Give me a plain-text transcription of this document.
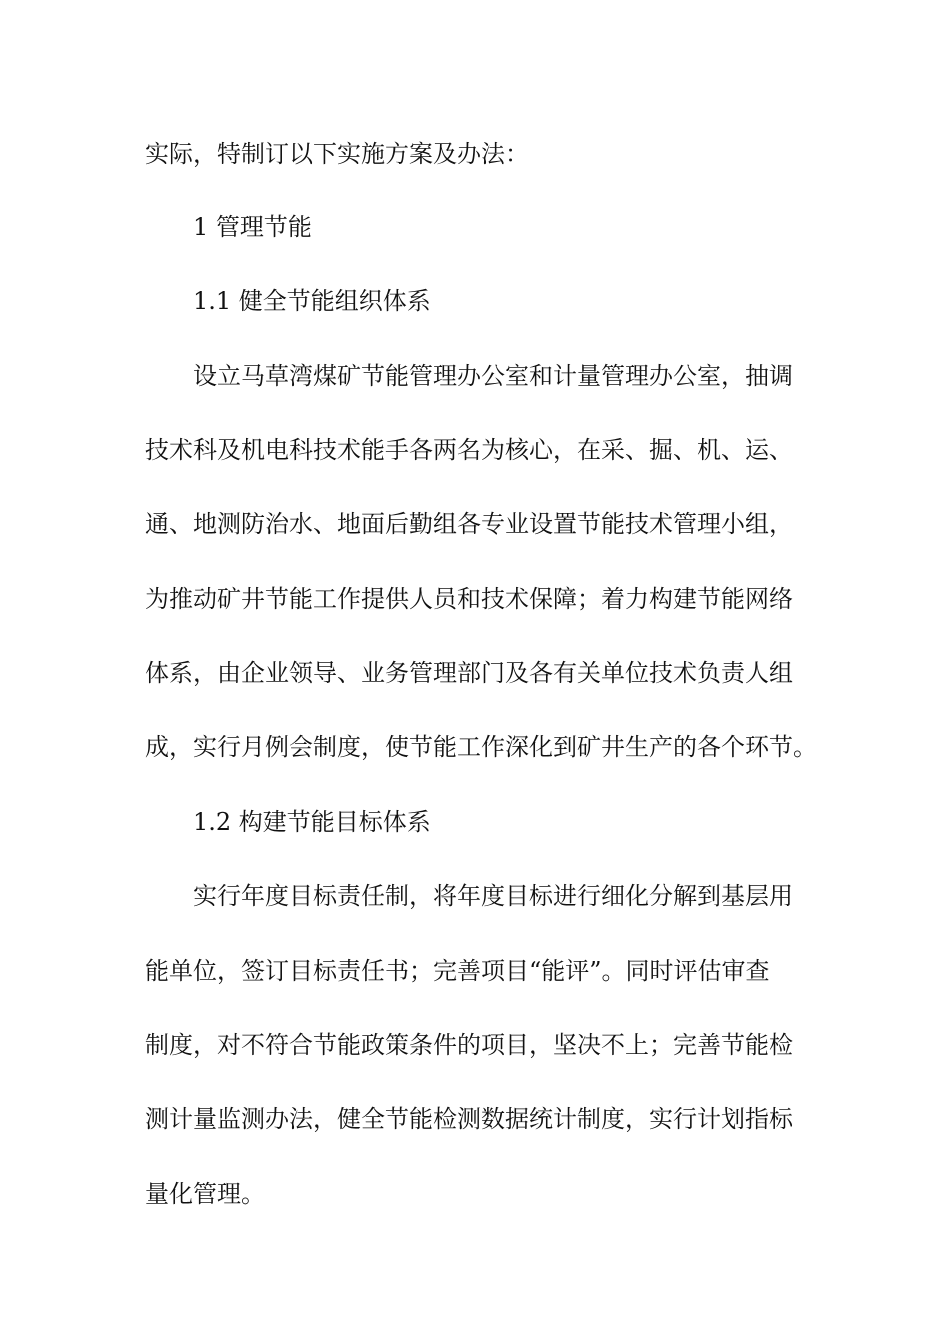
实际，特制订以下实施方案及办法：
1 管理节能
1.1 健全节能组织体系
设立马草湾煤矿节能管理办公室和计量管理办公室，抽调
技术科及机电科技术能手各两名为核心，在采、掘、机、运、
通、地测防治水、地面后勤组各专业设置节能技术管理小组，
为推动矿井节能工作提供人员和技术保障；着力构建节能网络
体系，由企业领导、业务管理部门及各有关单位技术负责人组
成，实行月例会制度，使节能工作深化到矿井生产的各个环节。
1.2 构建节能目标体系
实行年度目标责任制，将年度目标进行细化分解到基层用
能单位，签订目标责任书；完善项目“能评”。同时评估审查
制度，对不符合节能政策条件的项目，坚决不上；完善节能检
测计量监测办法，健全节能检测数据统计制度，实行计划指标
量化管理。
